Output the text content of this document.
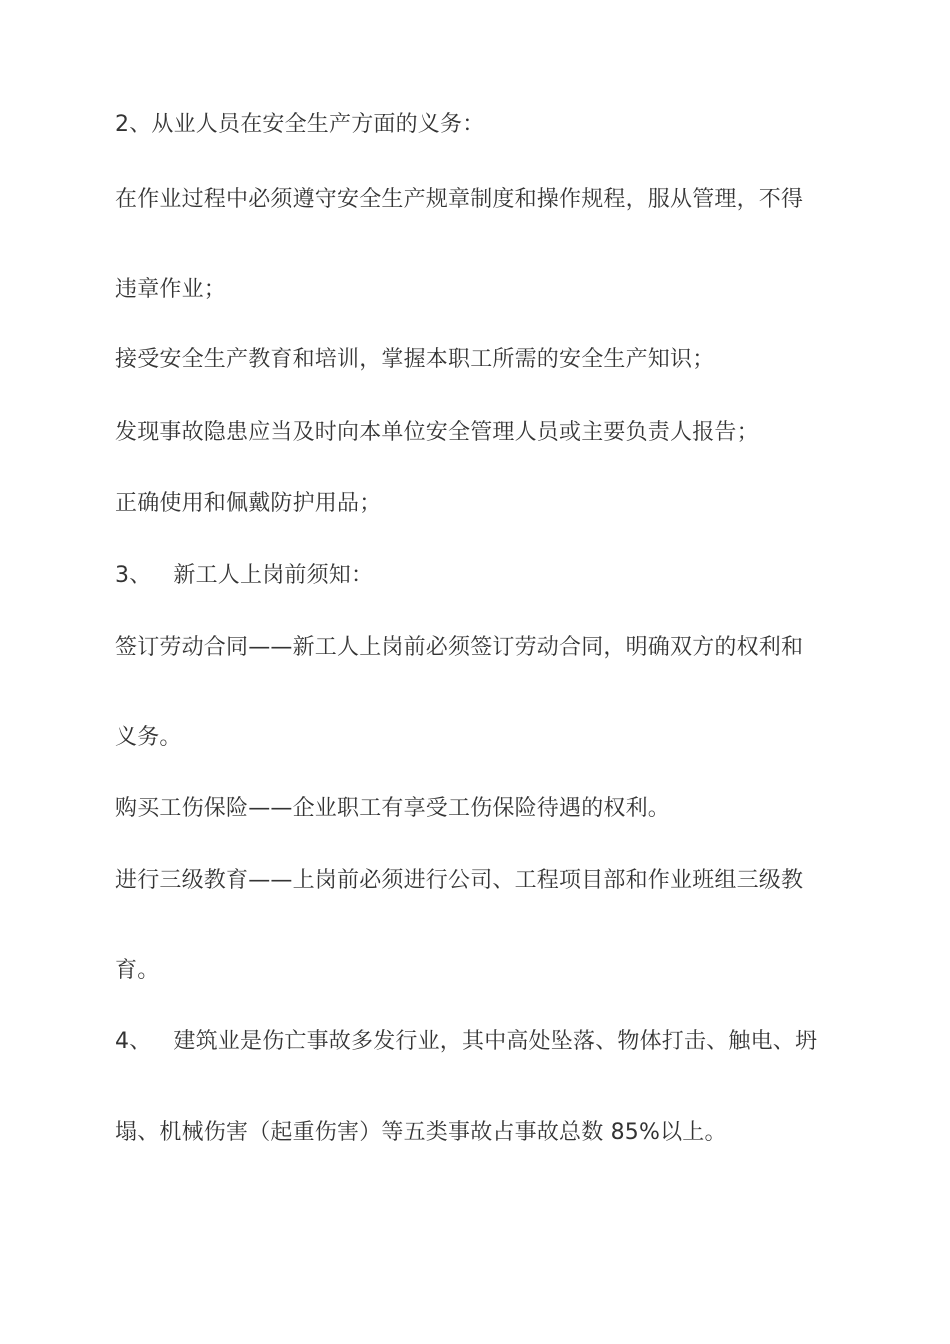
2、从业人员在安全生产方面的义务：
在作业过程中必须遵守安全生产规章制度和操作规程，服从管理，不得
违章作业；
接受安全生产教育和培训，掌握本职工所需的安全生产知识；
发现事故隐患应当及时向本单位安全管理人员或主要负责人报告；
正确使用和佩戴防护用品；
3、 新工人上岗前须知：
签订劳动合同——新工人上岗前必须签订劳动合同，明确双方的权利和
义务。
购买工伤保险——企业职工有享受工伤保险待遇的权利。
进行三级教育——上岗前必须进行公司、工程项目部和作业班组三级教
育。
4、 建筑业是伤亡事故多发行业，其中高处坠落、物体打击、触电、坍
塌、机械伤害（起重伤害）等五类事故占事故总数 85%以上。
